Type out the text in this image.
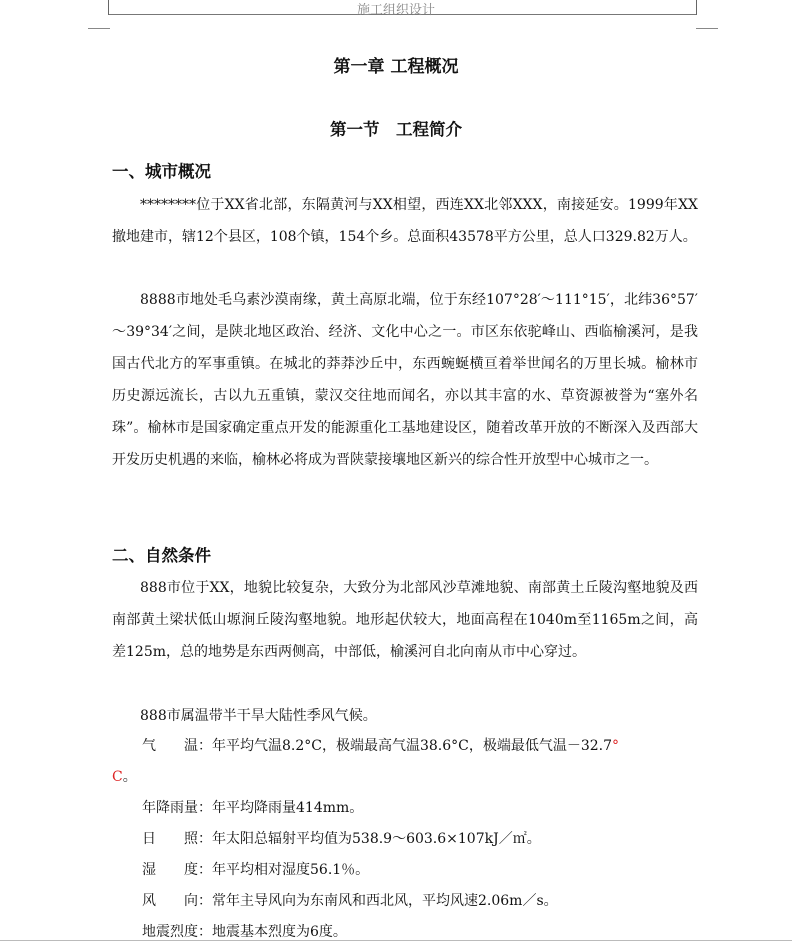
施工组织设计
第一章 工程概况
第一节　工程简介
一、城市概况
********位于XX省北部，东隔黄河与XX相望，西连XX北邻XXX，南接延安。1999年XX撤地建市，辖12个县区，108个镇，154个乡。总面积43578平方公里，总人口329.82万人。
8888市地处毛乌素沙漠南缘，黄土高原北端，位于东经107°28′～111°15′，北纬36°57′～39°34′之间，是陕北地区政治、经济、文化中心之一。市区东依驼峰山、西临榆溪河，是我国古代北方的军事重镇。在城北的莽莽沙丘中，东西蜿蜒横亘着举世闻名的万里长城。榆林市历史源远流长，古以九五重镇，蒙汉交往地而闻名，亦以其丰富的水、草资源被誉为“塞外名珠”。榆林市是国家确定重点开发的能源重化工基地建设区，随着改革开放的不断深入及西部大开发历史机遇的来临，榆林必将成为晋陕蒙接壤地区新兴的综合性开放型中心城市之一。
二、自然条件
888市位于XX，地貌比较复杂，大致分为北部风沙草滩地貌、南部黄土丘陵沟壑地貌及西南部黄土梁状低山塬涧丘陵沟壑地貌。地形起伏较大，地面高程在1040m至1165m之间，高差125m，总的地势是东西两侧高，中部低，榆溪河自北向南从市中心穿过。
888市属温带半干旱大陆性季风气候。
气　　温：年平均气温8.2°C，极端最高气温38.6°C，极端最低气温－32.7°
C。
年降雨量：年平均降雨量414mm。
日　　照：年太阳总辐射平均值为538.9～603.6×107kJ／㎡。
湿　　度：年平均相对湿度56.1％。
风　　向：常年主导风向为东南风和西北风，平均风速2.06m／s。
地震烈度：地震基本烈度为6度。
